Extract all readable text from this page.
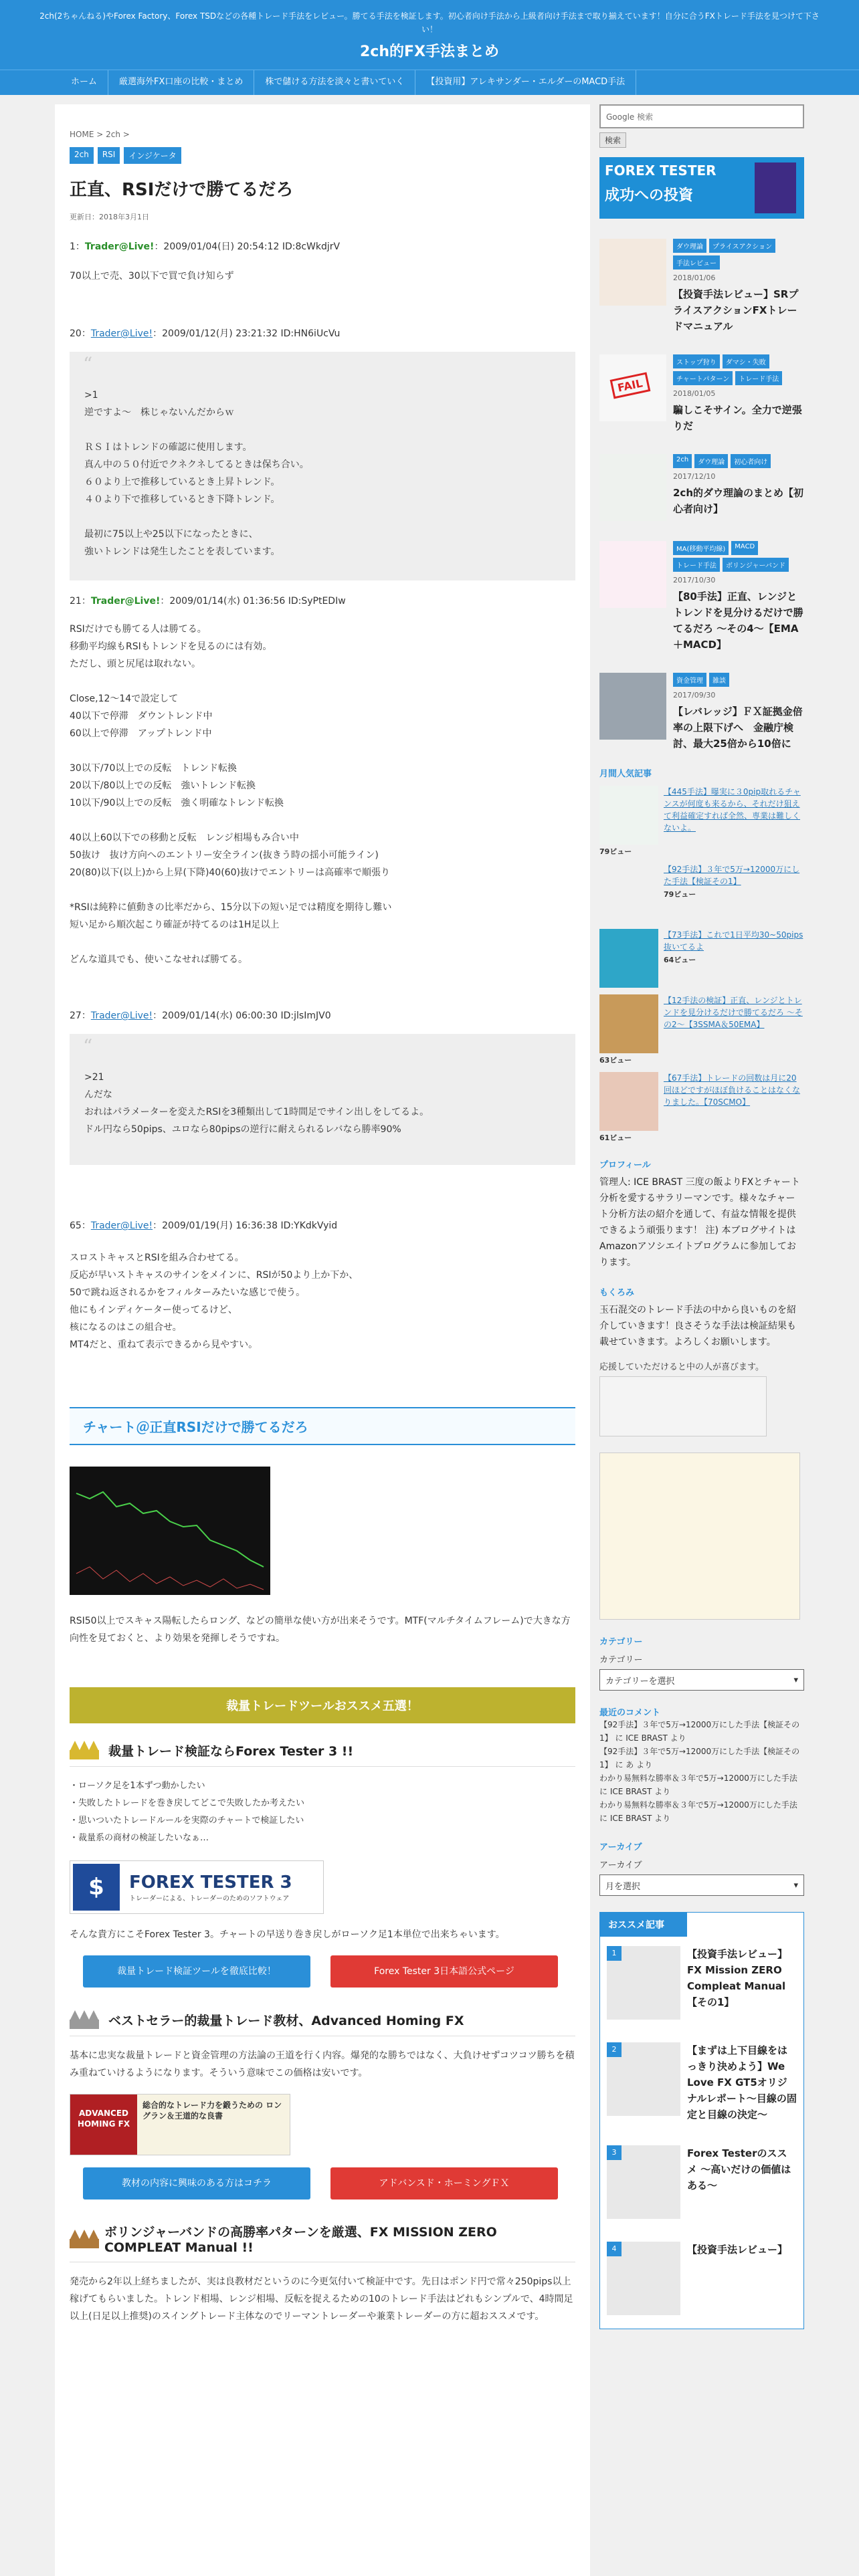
2ch(2ちゃんねる)やForex Factory、Forex TSDなどの各種トレード手法をレビュー。勝てる手法を検証します。初心者向け手法から上級者向け手法まで取り揃えています！自分に合うFXトレード手法を見つけて下さい！
2ch的FX手法まとめ
ホーム	厳選海外FX口座の比較・まとめ	株で儲ける方法を淡々と書いていく	【投資用】アレキサンダー・エルダーのMACD手法
HOME > 2ch >
2ch	RSI	インジケータ
正直、RSIだけで勝てるだろ
更新日：2018年3月1日
1：Trader@Live!：2009/01/04(日) 20:54:12 ID:8cWkdjrV
70以上で売、30以下で買で負け知らず
20：Trader@Live!：2009/01/12(月) 23:21:32 ID:HN6iUcVu
“
>1
逆ですよ〜　株じゃないんだからｗ

ＲＳＩはトレンドの確認に使用します。
真ん中の５０付近でクネクネしてるときは保ち合い。
６０より上で推移しているとき上昇トレンド。
４０より下で推移しているとき下降トレンド。

最初に75以上や25以下になったときに、
強いトレンドは発生したことを表しています。
21：Trader@Live!：2009/01/14(水) 01:36:56 ID:SyPtEDIw
RSIだけでも勝てる人は勝てる。
移動平均線もRSIもトレンドを見るのには有効。
ただし、頭と尻尾は取れない。

Close,12〜14で設定して
40以下で停滞　ダウントレンド中
60以上で停滞　アップトレンド中

30以下/70以上での反転　トレンド転換
20以下/80以上での反転　強いトレンド転換
10以下/90以上での反転　強く明確なトレンド転換

40以上60以下での移動と反転　レンジ相場もみ合い中
50抜け　抜け方向へのエントリー安全ライン(抜きう時の揺小可能ライン)
20(80)以下(以上)から上昇(下降)40(60)抜けでエントリーは高確率で順張り

*RSIは純粋に値動きの比率だから、15分以下の短い足では精度を期待し難い
短い足から順次起こり確証が持てるのは1H足以上

どんな道具でも、使いこなせれば勝てる。
27：Trader@Live!：2009/01/14(水) 06:00:30 ID:jlsImJV0
“
>21
んだな
おれはパラメーターを変えたRSIを3種類出して1時間足でサイン出しをしてるよ。
ドル円なら50pips、ユロなら80pipsの逆行に耐えられるレバなら勝率90%
65：Trader@Live!：2009/01/19(月) 16:36:38 ID:YKdkVyid
スロストキャスとRSIを組み合わせてる。
反応が早いストキャスのサインをメインに、RSIが50より上か下か、
50で跳ね返されるかをフィルターみたいな感じで使う。
他にもインディケーター使ってるけど、
核になるのはこの組合せ。
MT4だと、重ねて表示できるから見やすい。
チャート＠正直RSIだけで勝てるだろ
RSI50以上でスキャス陽転したらロング、などの簡単な使い方が出来そうです。MTF(マルチタイムフレーム)で大きな方向性を見ておくと、より効果を発揮しそうですね。
裁量トレードツールおススメ五選！
裁量トレード検証ならForex Tester 3 !!
・ローソク足を1本ずつ動かしたい
・失敗したトレードを巻き戻してどこで失敗したか考えたい
・思いついたトレードルールを実際のチャートで検証したい
・裁量系の商材の検証したいなぁ…
$	FOREX TESTER 3
トレーダーによる、トレーダーのためのソフトウェア
そんな貴方にこそForex Tester 3。チャートの早送り巻き戻しがローソク足1本単位で出来ちゃいます。
裁量トレード検証ツールを徹底比較！	Forex Tester 3日本語公式ページ
ベストセラー的裁量トレード教材、Advanced Homing FX
基本に忠実な裁量トレードと資金管理の方法論の王道を行く内容。爆発的な勝ちではなく、大負けせずコツコツ勝ちを積み重ねていけるようになります。そういう意味でこの価格は安いです。
ADVANCED HOMING FX
総合的なトレード力を鍛うための ロングラン＆王道的な良書
教材の内容に興味のある方はコチラ	アドバンスド・ホーミングＦＸ
ボリンジャーバンドの高勝率パターンを厳選、FX MISSION ZERO COMPLEAT Manual !!
発売から2年以上経ちましたが、実は良教材だというのに今更気付いて検証中です。先日はポンド円で常々250pips以上稼げてもらいました。トレンド相場、レンジ相場、反転を捉えるための10のトレード手法はどれもシンプルで、4時間足以上(日足以上推奨)のスイングトレード主体なのでリーマントレーダーや兼業トレーダーの方に超おススメです。
Google 検索
検索
FOREX TESTER
成功への投資
ダウ理論	プライスアクション
手法レビュー
2018/01/06
【投資手法レビュー】SRプライスアクションFXトレードマニュアル
FAIL
ストップ狩り	ダマシ・失敗
チャートパターン	トレード手法
2018/01/05
騙しこそサイン。全力で逆張りだ
2ch	ダウ理論	初心者向け
2017/12/10
2ch的ダウ理論のまとめ【初心者向け】
MA(移動平均線)	MACD
トレード手法	ボリンジャーバンド
2017/10/30
【80手法】正直、レンジとトレンドを見分けるだけで勝てるだろ 〜その4〜【EMA＋MACD】
資金管理	雑談
2017/09/30
【レバレッジ】ＦＸ証拠金倍率の上限下げへ　金融庁検討、最大25倍から10倍に
月間人気記事
【445手法】曝実に３0pip取れるチャンスが何度も来るから、それだけ狙えて利益確定すれば全然、専業は難しくないよ。
79ビュー
【92手法】３年で5万→12000万にした手法【検証その1】
79ビュー
【73手法】これで1日平均30~50pips抜いてるよ
64ビュー
【12手法の検証】正直、レンジとトレンドを見分けるだけで勝てるだろ 〜その2〜【3SSMA＆50EMA】
63ビュー
【67手法】トレードの回数は月に20回ほどですがほぼ負けることはなくなりました。【70SCMO】
61ビュー
プロフィール
管理人: ICE BRAST 三度の飯よりFXとチャート分析を愛するサラリーマンです。様々なチャート分析方法の紹介を通して、有益な情報を提供できるよう頑張ります！ 注) 本ブログサイトはAmazonアソシエイトプログラムに参加しております。
もくろみ
玉石混交のトレード手法の中から良いものを紹介していきます！良さそうな手法は検証結果も載せていきます。よろしくお願いします。
応援していただけると中の人が喜びます。
カテゴリー
カテゴリー
カテゴリーを選択	▾
最近のコメント
【92手法】３年で5万→12000万にした手法【検証その1】 に ICE BRAST より
【92手法】３年で5万→12000万にした手法【検証その1】 に あ より
わかり易無料な勝率＆３年で5万→12000万にした手法 に ICE BRAST より
わかり易無料な勝率＆３年で5万→12000万にした手法 に ICE BRAST より
アーカイブ
アーカイブ
月を選択	▾
おススメ記事
1	【投資手法レビュー】FX Mission ZERO Compleat Manual 【その1】
2	【まずは上下目線をはっきり決めよう】We Love FX GT5オリジナルレポート〜目線の固定と目線の決定〜
3	Forex Testerのススメ 〜高いだけの価値はある〜
4	【投資手法レビュー】
